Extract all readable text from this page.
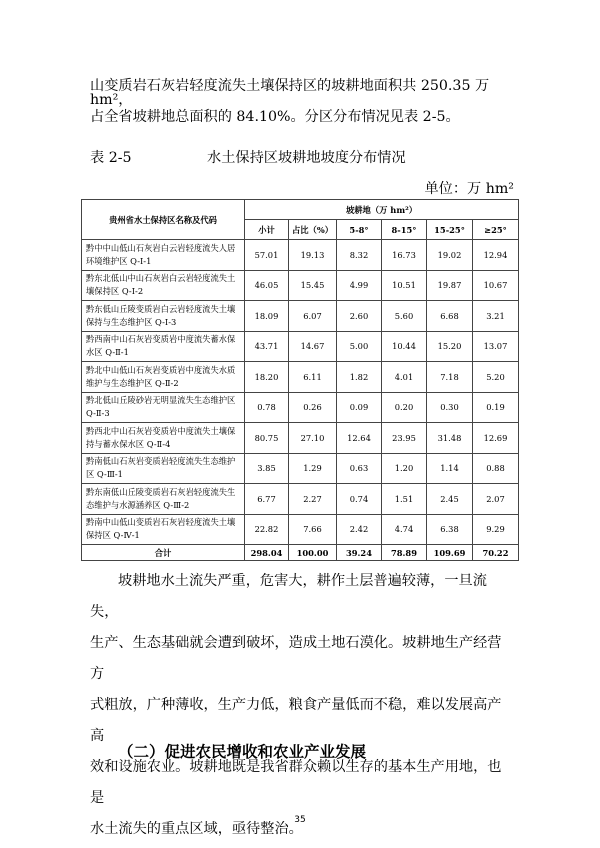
山变质岩石灰岩轻度流失土壤保持区的坡耕地面积共 250.35 万 hm²，
占全省坡耕地总面积的 84.10%。分区分布情况见表 2-5。
表 2-5	水土保持区坡耕地坡度分布情况
单位：万 hm²
贵州省水土保持区名称及代码	坡耕地（万 hm²）					
	小计	占比（%）	5-8°	8-15°	15-25°	≥25°
黔中中山低山石灰岩白云岩轻度流失人居环境维护区 Q-Ⅰ-1	57.01	19.13	8.32	16.73	19.02	12.94
黔东北低山中山石灰岩白云岩轻度流失土壤保持区 Q-Ⅰ-2	46.05	15.45	4.99	10.51	19.87	10.67
黔东低山丘陵变质岩白云岩轻度流失土壤保持与生态维护区 Q-Ⅰ-3	18.09	6.07	2.60	5.60	6.68	3.21
黔西南中山石灰岩变质岩中度流失蓄水保水区 Q-Ⅱ-1	43.71	14.67	5.00	10.44	15.20	13.07
黔北中山低山石灰岩变质岩中度流失水质维护与生态维护区 Q-Ⅱ-2	18.20	6.11	1.82	4.01	7.18	5.20
黔北低山丘陵砂岩无明显流失生态维护区 Q-Ⅱ-3	0.78	0.26	0.09	0.20	0.30	0.19
黔西北中山石灰岩变质岩中度流失土壤保持与蓄水保水区 Q-Ⅱ-4	80.75	27.10	12.64	23.95	31.48	12.69
黔南低山石灰岩变质岩轻度流失生态维护区 Q-Ⅲ-1	3.85	1.29	0.63	1.20	1.14	0.88
黔东南低山丘陵变质岩石灰岩轻度流失生态维护与水源涵养区 Q-Ⅲ-2	6.77	2.27	0.74	1.51	2.45	2.07
黔南中山低山变质岩石灰岩轻度流失土壤保持区 Q-Ⅳ-1	22.82	7.66	2.42	4.74	6.38	9.29
合计	298.04	100.00	39.24	78.89	109.69	70.22
坡耕地水土流失严重，危害大，耕作土层普遍较薄，一旦流失，
生产、生态基础就会遭到破坏，造成土地石漠化。坡耕地生产经营方
式粗放，广种薄收，生产力低，粮食产量低而不稳，难以发展高产高
效和设施农业。坡耕地既是我省群众赖以生存的基本生产用地，也是
水土流失的重点区域，亟待整治。
（二）促进农民增收和农业产业发展
35
